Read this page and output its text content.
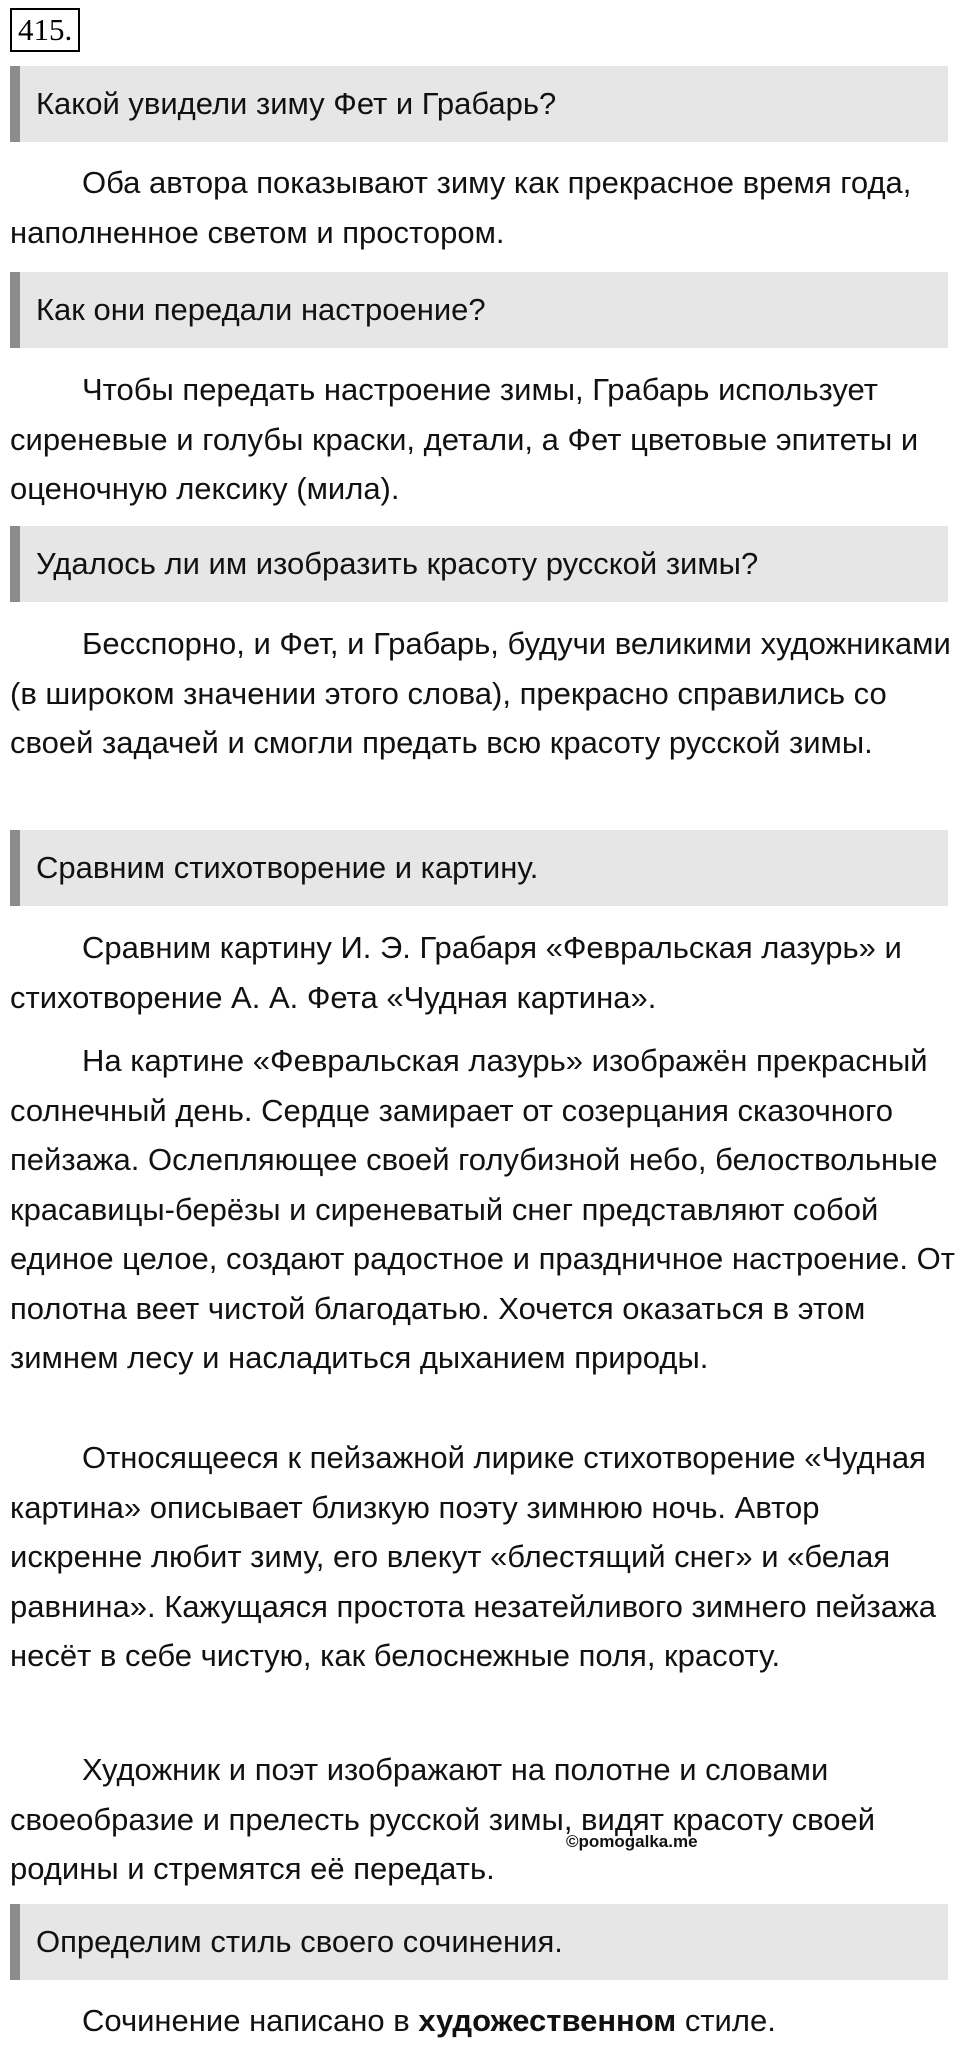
415.
Какой увидели зиму Фет и Грабарь?

Оба автора показывают зиму как прекрасное время года, наполненное светом и простором.

Как они передали настроение?

Чтобы передать настроение зимы, Грабарь использует сиреневые и голубы краски, детали, а Фет цветовые эпитеты и оценочную лексику (мила).

Удалось ли им изобразить красоту русской зимы?

Бесспорно, и Фет, и Грабарь, будучи великими художниками (в широком значении этого слова), прекрасно справились со своей задачей и смогли предать всю красоту русской зимы.

Сравним стихотворение и картину.

Сравним картину И. Э. Грабаря «Февральская лазурь» и стихотворение А. А. Фета «Чудная картина».

На картине «Февральская лазурь» изображён прекрасный солнечный день. Сердце замирает от созерцания сказочного пейзажа. Ослепляющее своей голубизной небо, белоствольные красавицы-берёзы и сиреневатый снег представляют собой единое целое, создают радостное и праздничное настроение. От полотна веет чистой благодатью. Хочется оказаться в этом зимнем лесу и насладиться дыханием природы.

Относящееся к пейзажной лирике стихотворение «Чудная картина» описывает близкую поэту зимнюю ночь. Автор искренне любит зиму, его влекут «блестящий снег» и «белая равнина». Кажущаяся простота незатейливого зимнего пейзажа несёт в себе чистую, как белоснежные поля, красоту.

Художник и поэт изображают на полотне и словами своеобразие и прелесть русской зимы, видят красоту своей родины и стремятся её передать.

©pomogalka.me
Определим стиль своего сочинения.

Сочинение написано в художественном стиле.
